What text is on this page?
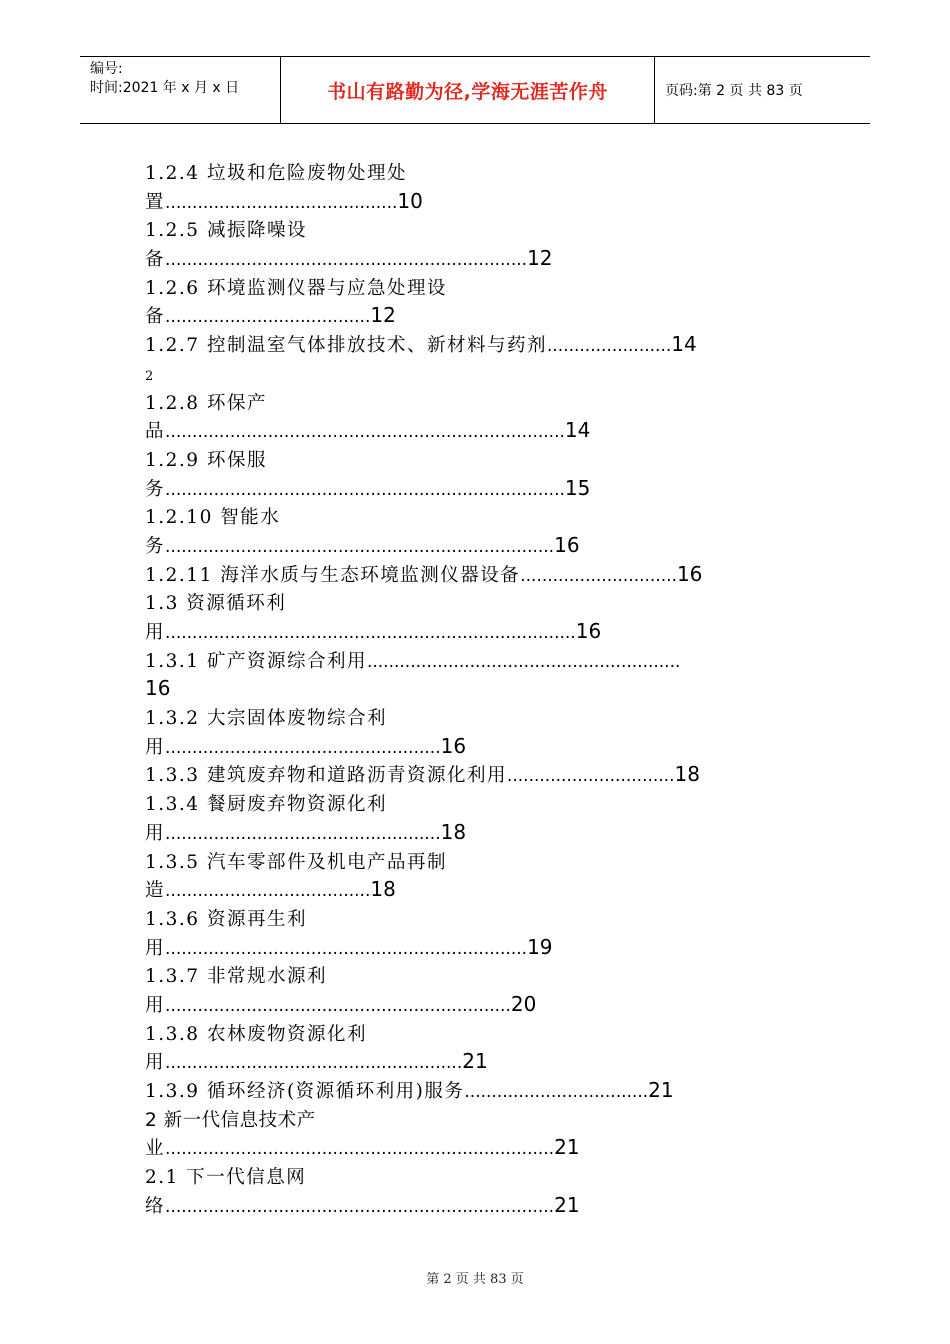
编号:
时间:2021 年 x 月 x 日	书山有路勤为径,学海无涯苦作舟	页码:第 2 页 共 83 页
1.2.4 垃圾和危险废物处理处
置...........................................10
1.2.5 减振降噪设
备...................................................................12
1.2.6 环境监测仪器与应急处理设
备......................................12
1.2.7 控制温室气体排放技术、新材料与药剂.......................14
2
1.2.8 环保产
品..........................................................................14
1.2.9 环保服
务..........................................................................15
1.2.10 智能水
务........................................................................16
1.2.11 海洋水质与生态环境监测仪器设备.............................16
1.3 资源循环利
用............................................................................16
1.3.1 矿产资源综合利用..........................................................
16
1.3.2 大宗固体废物综合利
用...................................................16
1.3.3 建筑废弃物和道路沥青资源化利用...............................18
1.3.4 餐厨废弃物资源化利
用...................................................18
1.3.5 汽车零部件及机电产品再制
造......................................18
1.3.6 资源再生利
用...................................................................19
1.3.7 非常规水源利
用................................................................20
1.3.8 农林废物资源化利
用.......................................................21
1.3.9 循环经济(资源循环利用)服务..................................21
2 新一代信息技术产
业........................................................................21
2.1 下一代信息网
络........................................................................21
第 2 页 共 83 页
